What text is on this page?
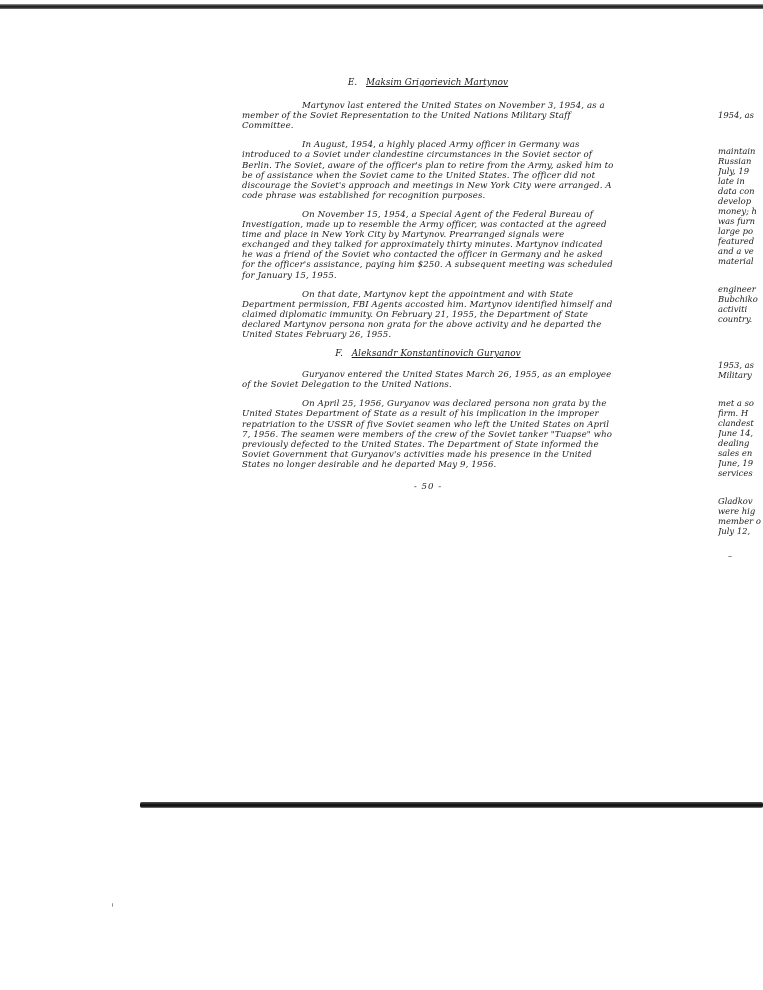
E. Maksim Grigorievich Martynov

Martynov last entered the United States on November 3, 1954, as a member of the Soviet Representation to the United Nations Military Staff Committee.

In August, 1954, a highly placed Army officer in Germany was introduced to a Soviet under clandestine circumstances in the Soviet sector of Berlin. The Soviet, aware of the officer's plan to retire from the Army, asked him to be of assistance when the Soviet came to the United States. The officer did not discourage the Soviet's approach and meetings in New York City were arranged. A code phrase was established for recognition purposes.

On November 15, 1954, a Special Agent of the Federal Bureau of Investigation, made up to resemble the Army officer, was contacted at the agreed time and place in New York City by Martynov. Prearranged signals were exchanged and they talked for approximately thirty minutes. Martynov indicated he was a friend of the Soviet who contacted the officer in Germany and he asked for the officer's assistance, paying him $250. A subsequent meeting was scheduled for January 15, 1955.

On that date, Martynov kept the appointment and with State Department permission, FBI Agents accosted him. Martynov identified himself and claimed diplomatic immunity. On February 21, 1955, the Department of State declared Martynov persona non grata for the above activity and he departed the United States February 26, 1955.

F. Aleksandr Konstantinovich Guryanov

Guryanov entered the United States March 26, 1955, as an employee of the Soviet Delegation to the United Nations.

On April 25, 1956, Guryanov was declared persona non grata by the United States Department of State as a result of his implication in the improper repatriation to the USSR of five Soviet seamen who left the United States on April 7, 1956. The seamen were members of the crew of the Soviet tanker "Tuapse" who previously defected to the United States. The Department of State informed the Soviet Government that Guryanov's activities made his presence in the United States no longer desirable and he departed May 9, 1956.

- 50 -
1954, as
maintain
Russian
July, 19
late in
data con
develop
money; h
was furn
large po
featured
and a ve
material
engineer
Bubchiko
activiti
country.
1953, as
Military
met a so
firm. H
clandest
June 14,
dealing
sales en
June, 19
services
Gladkov
were hig
member o
July 12,
